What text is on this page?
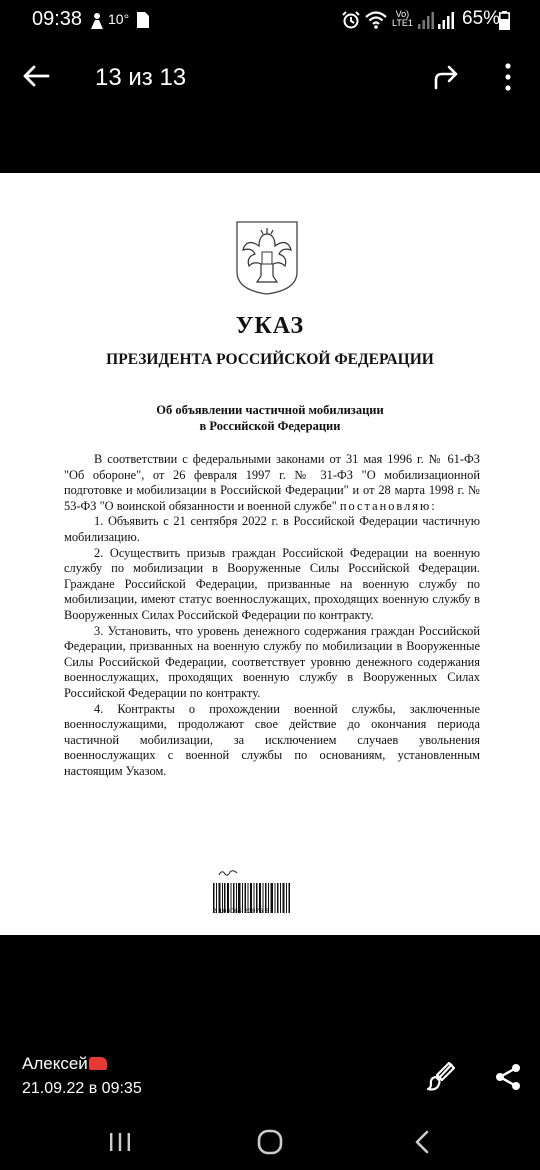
09:38 10°	Vo)
LTE1	65%
13 из 13
УКАЗ
ПРЕЗИДЕНТА РОССИЙСКОЙ ФЕДЕРАЦИИ
Об объявлении частичной мобилизации
в Российской Федерации

В соответствии с федеральными законами от 31 мая 1996 г. № 61-ФЗ "Об обороне", от 26 февраля 1997 г. № 31-ФЗ "О мобилизационной подготовке и мобилизации в Российской Федерации" и от 28 марта 1998 г. № 53-ФЗ "О воинской обязанности и военной службе" постановляю:

1. Объявить с 21 сентября 2022 г. в Российской Федерации частичную мобилизацию.

2. Осуществить призыв граждан Российской Федерации на военную службу по мобилизации в Вооруженные Силы Российской Федерации. Граждане Российской Федерации, призванные на военную службу по мобилизации, имеют статус военнослужащих, проходящих военную службу в Вооруженных Силах Российской Федерации по контракту.

3. Установить, что уровень денежного содержания граждан Российской Федерации, призванных на военную службу по мобилизации в Вооруженные Силы Российской Федерации, соответствует уровню денежного содержания военнослужащих, проходящих военную службу в Вооруженных Силах Российской Федерации по контракту.

4. Контракты о прохождении военной службы, заключенные военнослужащими, продолжают свое действие до окончания периода частичной мобилизации, за исключением случаев увольнения военнослужащих с военной службы по основаниям, установленным настоящим Указом.

2 100065 23976 8
Алексей
21.09.22 в 09:35
